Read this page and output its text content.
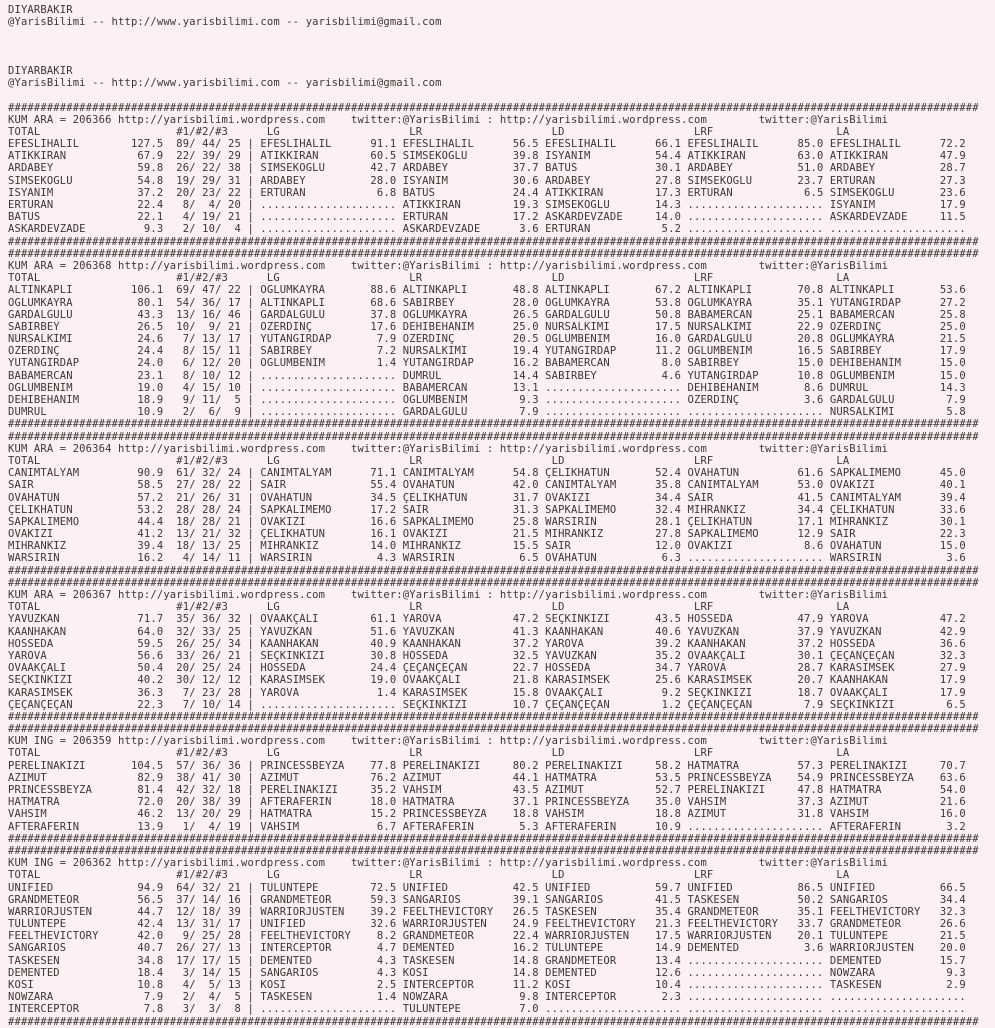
DIYARBAKIR
@YarisBilimi -- http://www.yarisbilimi.com -- yarisbilimi@gmail.com
DIYARBAKIR
@YarisBilimi -- http://www.yarisbilimi.com -- yarisbilimi@gmail.com
######################################################################################################################################################
KUM ARA = 206366 http://yarisbilimi.wordpress.com    twitter:@YarisBilimi : http://yarisbilimi.wordpress.com        twitter:@YarisBilimi
TOTAL                     #1/#2/#3      LG                    LR                    LD                    LRF                   LA
EFESLIHALIL        127.5  89/ 44/ 25 | EFESLIHALIL      91.1 EFESLIHALIL      56.5 EFESLIHALIL      66.1 EFESLIHALIL      85.0 EFESLIHALIL      72.2
ATIKKIRAN           67.9  22/ 39/ 29 | ATIKKIRAN        60.5 SIMSEKOGLU       39.8 ISYANIM          54.4 ATIKKIRAN        63.0 ATIKKIRAN        47.9
ARDABEY             59.8  26/ 22/ 38 | SIMSEKOGLU       42.7 ARDABEY          37.7 BATUS            30.1 ARDABEY          51.0 ARDABEY          28.7
SIMSEKOGLU          54.8  19/ 29/ 31 | ARDABEY          28.0 ISYANIM          30.6 ARDABEY          27.8 SIMSEKOGLU       23.7 ERTURAN          27.3
ISYANIM             37.2  20/ 23/ 22 | ERTURAN           6.8 BATUS            24.4 ATIKKIRAN        17.3 ERTURAN           6.5 SIMSEKOGLU       23.6
ERTURAN             22.4   8/  4/ 20 | ..................... ATIKKIRAN        19.3 SIMSEKOGLU       14.3 ..................... ISYANIM          17.9
BATUS               22.1   4/ 19/ 21 | ..................... ERTURAN          17.2 ASKARDEVZADE     14.0 ..................... ASKARDEVZADE     11.5
ASKARDEVZADE         9.3   2/ 10/  4 | ..................... ASKARDEVZADE      3.6 ERTURAN           5.2 ..................... .....................
######################################################################################################################################################
######################################################################################################################################################
KUM ARA = 206368 http://yarisbilimi.wordpress.com    twitter:@YarisBilimi : http://yarisbilimi.wordpress.com        twitter:@YarisBilimi
TOTAL                     #1/#2/#3      LG                    LR                    LD                    LRF                   LA
ALTINKAPLI         106.1  69/ 47/ 22 | OGLUMKAYRA       88.6 ALTINKAPLI       48.8 ALTINKAPLI       67.2 ALTINKAPLI       70.8 ALTINKAPLI       53.6
OGLUMKAYRA          80.1  54/ 36/ 17 | ALTINKAPLI       68.6 SABIRBEY         28.0 OGLUMKAYRA       53.8 OGLUMKAYRA       35.1 YUTANGIRDAP      27.2
GARDALGÜLÜ          43.3  13/ 16/ 46 | GARDALGÜLÜ       37.8 OGLUMKAYRA       26.5 GARDALGÜLÜ       50.8 BABAMERCAN       25.1 BABAMERCAN       25.8
SABIRBEY            26.5  10/  9/ 21 | ÖZERDINÇ         17.6 DEHIBEHANIM      25.0 NURSALKIMI       17.5 NURSALKIMI       22.9 ÖZERDINÇ         25.0
NURSALKIMI          24.6   7/ 13/ 17 | YUTANGIRDAP       7.9 ÖZERDINÇ         20.5 OGLUMBENIM       16.0 GARDALGÜLÜ       20.8 OGLUMKAYRA       21.5
ÖZERDINÇ            24.4   8/ 15/ 11 | SABIRBEY          7.2 NURSALKIMI       19.4 YUTANGIRDAP      11.2 OGLUMBENIM       16.5 SABIRBEY         17.9
YUTANGIRDAP         24.0   6/ 12/ 20 | OGLUMBENIM        1.4 YUTANGIRDAP      16.2 BABAMERCAN        8.0 SABIRBEY         15.0 DEHIBEHANIM      15.0
BABAMERCAN          23.1   8/ 10/ 12 | ..................... DUMRUL           14.4 SABIRBEY          4.6 YUTANGIRDAP      10.8 OGLUMBENIM       15.0
OGLUMBENIM          19.0   4/ 15/ 10 | ..................... BABAMERCAN       13.1 ..................... DEHIBEHANIM       8.6 DUMRUL           14.3
DEHIBEHANIM         18.9   9/ 11/  5 | ..................... OGLUMBENIM        9.3 ..................... ÖZERDINÇ          3.6 GARDALGÜLÜ        7.9
DUMRUL              10.9   2/  6/  9 | ..................... GARDALGÜLÜ        7.9 ..................... ..................... NURSALKIMI        5.8
######################################################################################################################################################
######################################################################################################################################################
KUM ARA = 206364 http://yarisbilimi.wordpress.com    twitter:@YarisBilimi : http://yarisbilimi.wordpress.com        twitter:@YarisBilimi
TOTAL                     #1/#2/#3      LG                    LR                    LD                    LRF                   LA
CANIMTALYAM         90.9  61/ 32/ 24 | CANIMTALYAM      71.1 CANIMTALYAM      54.8 ÇELIKHATUN       52.4 OVAHATUN         61.6 SAPKALIMEMO      45.0
SAIR                58.5  27/ 28/ 22 | SAIR             55.4 OVAHATUN         42.0 CANIMTALYAM      35.8 CANIMTALYAM      53.0 OVAKIZI          40.1
OVAHATUN            57.2  21/ 26/ 31 | OVAHATUN         34.5 ÇELIKHATUN       31.7 OVAKIZI          34.4 SAIR             41.5 CANIMTALYAM      39.4
ÇELIKHATUN          53.2  28/ 28/ 24 | SAPKALIMEMO      17.2 SAIR             31.3 SAPKALIMEMO      32.4 MIHRANKIZ        34.4 ÇELIKHATUN       33.6
SAPKALIMEMO         44.4  18/ 28/ 21 | OVAKIZI          16.6 SAPKALIMEMO      25.8 WARSIRIN         28.1 ÇELIKHATUN       17.1 MIHRANKIZ        30.1
OVAKIZI             41.2  13/ 21/ 32 | ÇELIKHATUN       16.1 OVAKIZI          21.5 MIHRANKIZ        27.8 SAPKALIMEMO      12.9 SAIR             22.3
MIHRANKIZ           39.4  18/ 13/ 25 | MIHRANKIZ        14.0 MIHRANKIZ        15.5 SAIR             12.0 OVAKIZI           8.6 OVAHATUN         15.0
WARSIRIN            16.2   4/ 14/ 11 | WARSIRIN          4.3 WARSIRIN          6.5 OVAHATUN          6.3 ..................... WARSIRIN          3.6
######################################################################################################################################################
######################################################################################################################################################
KUM ARA = 206367 http://yarisbilimi.wordpress.com    twitter:@YarisBilimi : http://yarisbilimi.wordpress.com        twitter:@YarisBilimi
TOTAL                     #1/#2/#3      LG                    LR                    LD                    LRF                   LA
YAVUZKAN            71.7  35/ 36/ 32 | OVAAKÇALI        61.1 YAROVA           47.2 SEÇKINKIZI       43.5 HOSSEDA          47.9 YAROVA           47.2
KAANHAKAN           64.0  32/ 33/ 25 | YAVUZKAN         51.6 YAVUZKAN         41.3 KAANHAKAN        40.6 YAVUZKAN         37.9 YAVUZKAN         42.9
HOSSEDA             59.5  26/ 25/ 34 | KAANHAKAN        40.9 KAANHAKAN        37.2 YAROVA           39.2 KAANHAKAN        37.2 HOSSEDA          36.6
YAROVA              56.6  33/ 26/ 21 | SEÇKINKIZI       30.8 HOSSEDA          32.5 YAVUZKAN         35.2 OVAAKÇALI        30.1 ÇEÇANÇEÇAN       32.3
OVAAKÇALI           50.4  20/ 25/ 24 | HOSSEDA          24.4 ÇEÇANÇEÇAN       22.7 HOSSEDA          34.7 YAROVA           28.7 KARASIMSEK       27.9
SEÇKINKIZI          40.2  30/ 12/ 12 | KARASIMSEK       19.0 OVAAKÇALI        21.8 KARASIMSEK       25.6 KARASIMSEK       20.7 KAANHAKAN        17.9
KARASIMSEK          36.3   7/ 23/ 28 | YAROVA            1.4 KARASIMSEK       15.8 OVAAKÇALI         9.2 SEÇKINKIZI       18.7 OVAAKÇALI        17.9
ÇEÇANÇEÇAN          22.3   7/ 10/ 14 | ..................... SEÇKINKIZI       10.7 ÇEÇANÇEÇAN        1.2 ÇEÇANÇEÇAN        7.9 SEÇKINKIZI        6.5
######################################################################################################################################################
######################################################################################################################################################
KUM ING = 206359 http://yarisbilimi.wordpress.com    twitter:@YarisBilimi : http://yarisbilimi.wordpress.com        twitter:@YarisBilimi
TOTAL                     #1/#2/#3      LG                    LR                    LD                    LRF                   LA
PERELINAKIZI       104.5  57/ 36/ 36 | PRINCESSBEYZA    77.8 PERELINAKIZI     80.2 PERELINAKIZI     58.2 HATMATRA         57.3 PERELINAKIZI     70.7
AZIMUT              82.9  38/ 41/ 30 | AZIMUT           76.2 AZIMUT           44.1 HATMATRA         53.5 PRINCESSBEYZA    54.9 PRINCESSBEYZA    63.6
PRINCESSBEYZA       81.4  42/ 32/ 18 | PERELINAKIZI     35.2 VAHSIM           43.5 AZIMUT           52.7 PERELINAKIZI     47.8 HATMATRA         54.0
HATMATRA            72.0  20/ 38/ 39 | AFTERAFERIN      18.0 HATMATRA         37.1 PRINCESSBEYZA    35.0 VAHSIM           37.3 AZIMUT           21.6
VAHSIM              46.2  13/ 20/ 29 | HATMATRA         15.2 PRINCESSBEYZA    18.8 VAHSIM           18.8 AZIMUT           31.8 VAHSIM           16.0
AFTERAFERIN         13.9   1/  4/ 19 | VAHSIM            6.7 AFTERAFERIN       5.3 AFTERAFERIN      10.9 ..................... AFTERAFERIN       3.2
######################################################################################################################################################
######################################################################################################################################################
KUM ING = 206362 http://yarisbilimi.wordpress.com    twitter:@YarisBilimi : http://yarisbilimi.wordpress.com        twitter:@YarisBilimi
TOTAL                     #1/#2/#3      LG                    LR                    LD                    LRF                   LA
UNIFIED             94.9  64/ 32/ 21 | TÜLÜNTEPE        72.5 UNIFIED          42.5 UNIFIED          59.7 UNIFIED          86.5 UNIFIED          66.5
GRANDMETEOR         56.5  37/ 14/ 16 | GRANDMETEOR      59.3 SANGARIOS        39.1 SANGARIOS        41.5 TASKESEN         50.2 SANGARIOS        34.4
WARRIORJUSTEN       44.7  12/ 18/ 39 | WARRIORJUSTEN    39.2 FEELTHEVICTORY   26.5 TASKESEN         35.4 GRANDMETEOR      35.1 FEELTHEVICTORY   32.3
TÜLÜNTEPE           42.4  13/ 31/ 17 | UNIFIED          32.6 WARRIORJUSTEN    24.9 FEELTHEVICTORY   21.3 FEELTHEVICTORY   33.7 GRANDMETEOR      26.6
FEELTHEVICTORY      42.0   9/ 25/ 28 | FEELTHEVICTORY    8.2 GRANDMETEOR      22.4 WARRIORJUSTEN    17.5 WARRIORJUSTEN    20.1 TÜLÜNTEPE        21.5
SANGARIOS           40.7  26/ 27/ 13 | INTERCEPTOR       4.7 DEMENTED         16.2 TÜLÜNTEPE        14.9 DEMENTED          3.6 WARRIORJUSTEN    20.0
TASKESEN            34.8  17/ 17/ 15 | DEMENTED          4.3 TASKESEN         14.8 GRANDMETEOR      13.4 ..................... DEMENTED         15.7
DEMENTED            18.4   3/ 14/ 15 | SANGARIOS         4.3 KOSI             14.8 DEMENTED         12.6 ..................... NOWZARA           9.3
KOSI                10.8   4/  5/ 13 | KOSI              2.5 INTERCEPTOR      11.2 KOSI             10.4 ..................... TASKESEN          2.9
NOWZARA              7.9   2/  4/  5 | TASKESEN          1.4 NOWZARA           9.8 INTERCEPTOR       2.3 ..................... .....................
INTERCEPTOR          7.8   3/  3/  8 | ..................... TÜLÜNTEPE         7.0 ..................... ..................... .....................
######################################################################################################################################################
